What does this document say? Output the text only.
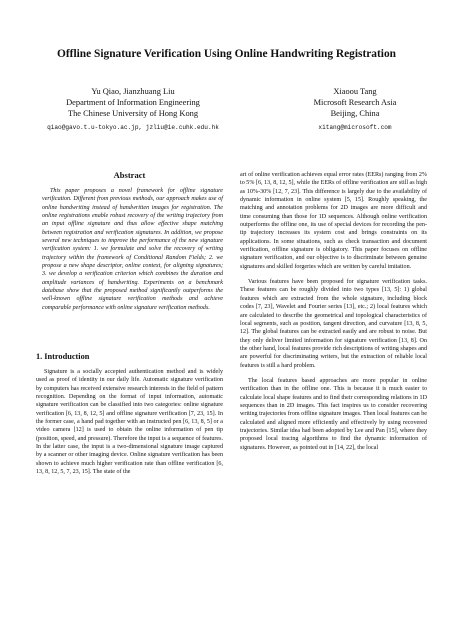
Offline Signature Verification Using Online Handwriting Registration
Yu Qiao, Jianzhuang Liu
Department of Information Engineering
The Chinese University of Hong Kong
qiao@gavo.t.u-tokyo.ac.jp, jzliu@ie.cuhk.edu.hk
Xiaoou Tang
Microsoft Research Asia
Beijing, China
xitang@microsoft.com
Abstract

This paper proposes a novel framework for offline signature verification. Different from previous methods, our approach makes use of online handwriting instead of handwritten images for registration. The online registrations enable robust recovery of the writing trajectory from an input offline signature and thus allow effective shape matching between registration and verification signatures. In addition, we propose several new techniques to improve the performance of the new signature verification system: 1. we formulate and solve the recovery of writing trajectory within the framework of Conditional Random Fields; 2. we propose a new shape descriptor, online context, for aligning signatures; 3. we develop a verification criterion which combines the duration and amplitude variances of handwriting. Experiments on a benchmark database show that the proposed method significantly outperforms the well-known offline signature verification methods and achieve comparable performance with online signature verification methods.

1. Introduction

Signature is a socially accepted authentication method and is widely used as proof of identity in our daily life. Automatic signature verification by computers has received extensive research interests in the field of pattern recognition. Depending on the format of input information, automatic signature verification can be classified into two categories: online signature verification [6, 13, 8, 12, 5] and offline signature verification [7, 23, 15]. In the former case, a hand pad together with an instructed pen [6, 13, 8, 5] or a video camera [12] is used to obtain the online information of pen tip (position, speed, and pressure). Therefore the input is a sequence of features. In the latter case, the input is a two-dimensional signature image captured by a scanner or other imaging device. Online signature verification has been shown to achieve much higher verification rate than offline verification [6, 13, 8, 12, 5, 7, 23, 15]. The state of the

art of online verification achieves equal error rates (EERs) ranging from 2% to 5% [6, 13, 8, 12, 5], while the EERs of offline verification are still as high as 10%-30% [12, 7, 23]. This difference is largely due to the availability of dynamic information in online system [5, 15]. Roughly speaking, the matching and annotation problems for 2D images are more difficult and time consuming than those for 1D sequences. Although online verification outperforms the offline one, its use of special devices for recording the pen-tip trajectory increases its system cost and brings constraints on its applications. In some situations, such as check transaction and document verification, offline signature is obligatory. This paper focuses on offline signature verification, and our objective is to discriminate between genuine signatures and skilled forgeries which are written by careful imitation.

Various features have been proposed for signature verification tasks. These features can be roughly divided into two types [13, 5]: 1) global features which are extracted from the whole signature, including block codes [7, 23], Wavelet and Fourier series [13], etc.; 2) local features which are calculated to describe the geometrical and topological characteristics of local segments, such as position, tangent direction, and curvature [13, 8, 5, 12]. The global features can be extracted easily and are robust to noise. But they only deliver limited information for signature verification [13, 8]. On the other hand, local features provide rich descriptions of writing shapes and are powerful for discriminating writers, but the extraction of reliable local features is still a hard problem.

The local features based approaches are more popular in online verification than in the offline one. This is because it is much easier to calculate local shape features and to find their corresponding relations in 1D sequences than in 2D images. This fact inspires us to consider recovering writing trajectories from offline signature images. Then local features can be calculated and aligned more efficiently and effectively by using recovered trajectories. Similar idea had been adopted by Lee and Pan [15], where they proposed local tracing algorithms to find the dynamic information of signatures. However, as pointed out in [14, 22], the local
